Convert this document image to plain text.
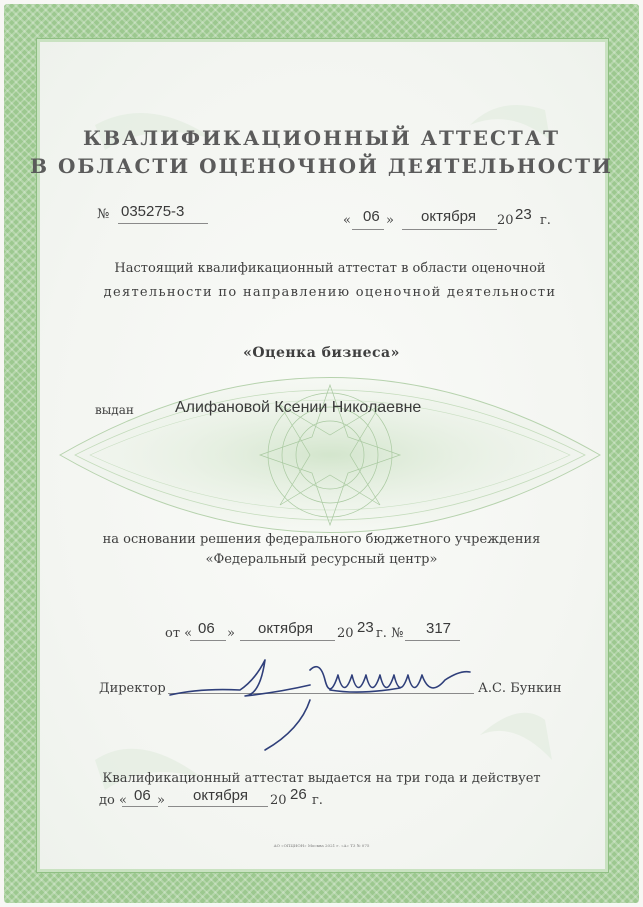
КВАЛИФИКАЦИОННЫЙ АТТЕСТАТ
В ОБЛАСТИ ОЦЕНОЧНОЙ ДЕЯТЕЛЬНОСТИ
№ 035275-3
« 06 » октября 20 23 г.
Настоящий квалификационный аттестат в области оценочной
деятельности по направлению оценочной деятельности
«Оценка бизнеса»
выдан	Алифановой Ксении Николаевне
на основании решения федерального бюджетного учреждения
«Федеральный ресурсный центр»
от « 06 » октября 20 23 г. № 317
Директор	А.С. Бункин
Квалификационный аттестат выдается на три года и действует
до « 06 » октября 20 26 г.
АО «ОПЦИОН» Москва 2021 г. «А» Т3 № 075
